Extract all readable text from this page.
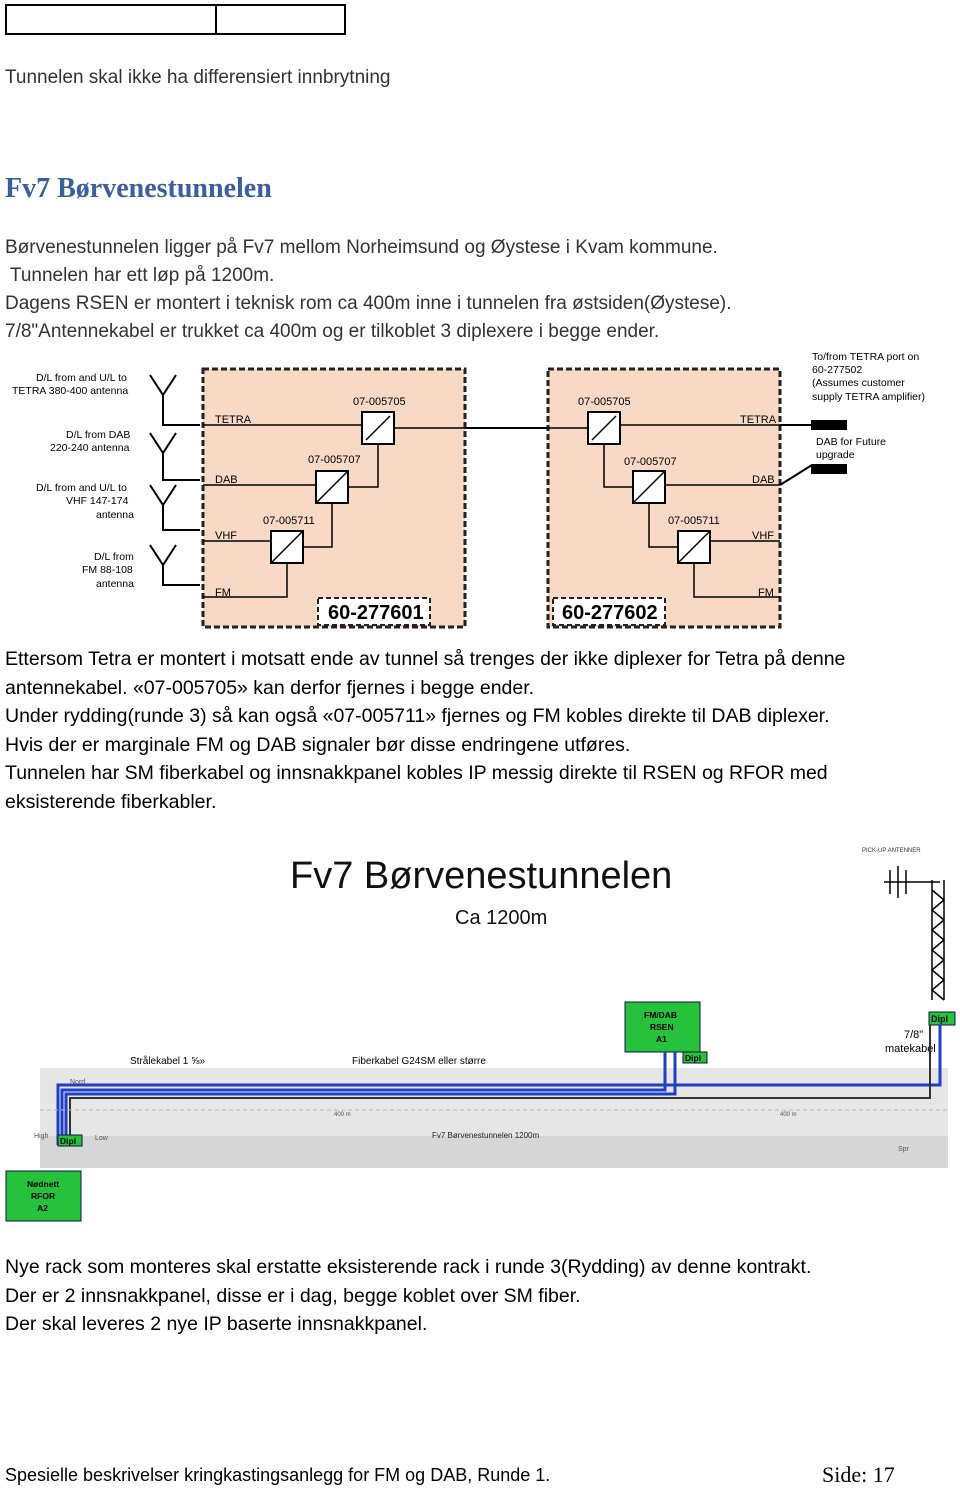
Tunnelen skal ikke ha differensiert innbrytning
Fv7 Børvenestunnelen
Børvenestunnelen ligger på Fv7 mellom Norheimsund og Øystese i Kvam kommune.
Tunnelen har ett løp på 1200m.
Dagens RSEN er montert i teknisk rom ca 400m inne i tunnelen fra østsiden(Øystese).
7/8"Antennekabel er trukket ca 400m og er tilkoblet 3 diplexere i begge ender.
D/L from and U/L to
TETRA 380-400 antenna
D/L from DAB
220-240 antenna
D/L from and U/L to
VHF 147-174
antenna
D/L from
FM 88-108
antenna
TETRA
DAB
VHF
FM
07-005705
07-005707
07-005711
60-277601
TETRA
DAB
VHF
FM
07-005705
07-005707
07-005711
60-277602
To/from TETRA port on
60-277502
(Assumes customer
supply TETRA amplifier)
DAB for Future
upgrade
Ettersom Tetra er montert i motsatt ende av tunnel så trenges der ikke diplexer for Tetra på denne
antennekabel. «07-005705» kan derfor fjernes i begge ender.
Under rydding(runde 3) så kan også «07-005711» fjernes og FM kobles direkte til DAB diplexer.
Hvis der er marginale FM og DAB signaler bør disse endringene utføres.
Tunnelen har SM fiberkabel og innsnakkpanel kobles IP messig direkte til RSEN og RFOR med
eksisterende fiberkabler.
Fv7 Børvenestunnelen
Ca 1200m
PICK-UP ANTENNER
Dipl
7/8"
matekabel
FM/DAB
RSEN
A1
Dipl
Strålekabel 1 ⅝»	Fiberkabel G24SM eller større
Nord
400 m	400 m
High	Low	Fv7 Børvenestunnelen 1200m
Spr
Dipl
Nødnett
RFOR
A2
Nye rack som monteres skal erstatte eksisterende rack i runde 3(Rydding) av denne kontrakt.
Der er 2 innsnakkpanel, disse er i dag, begge koblet over SM fiber.
Der skal leveres 2 nye IP baserte innsnakkpanel.
Spesielle beskrivelser kringkastingsanlegg for FM og DAB, Runde 1.	Side: 17
